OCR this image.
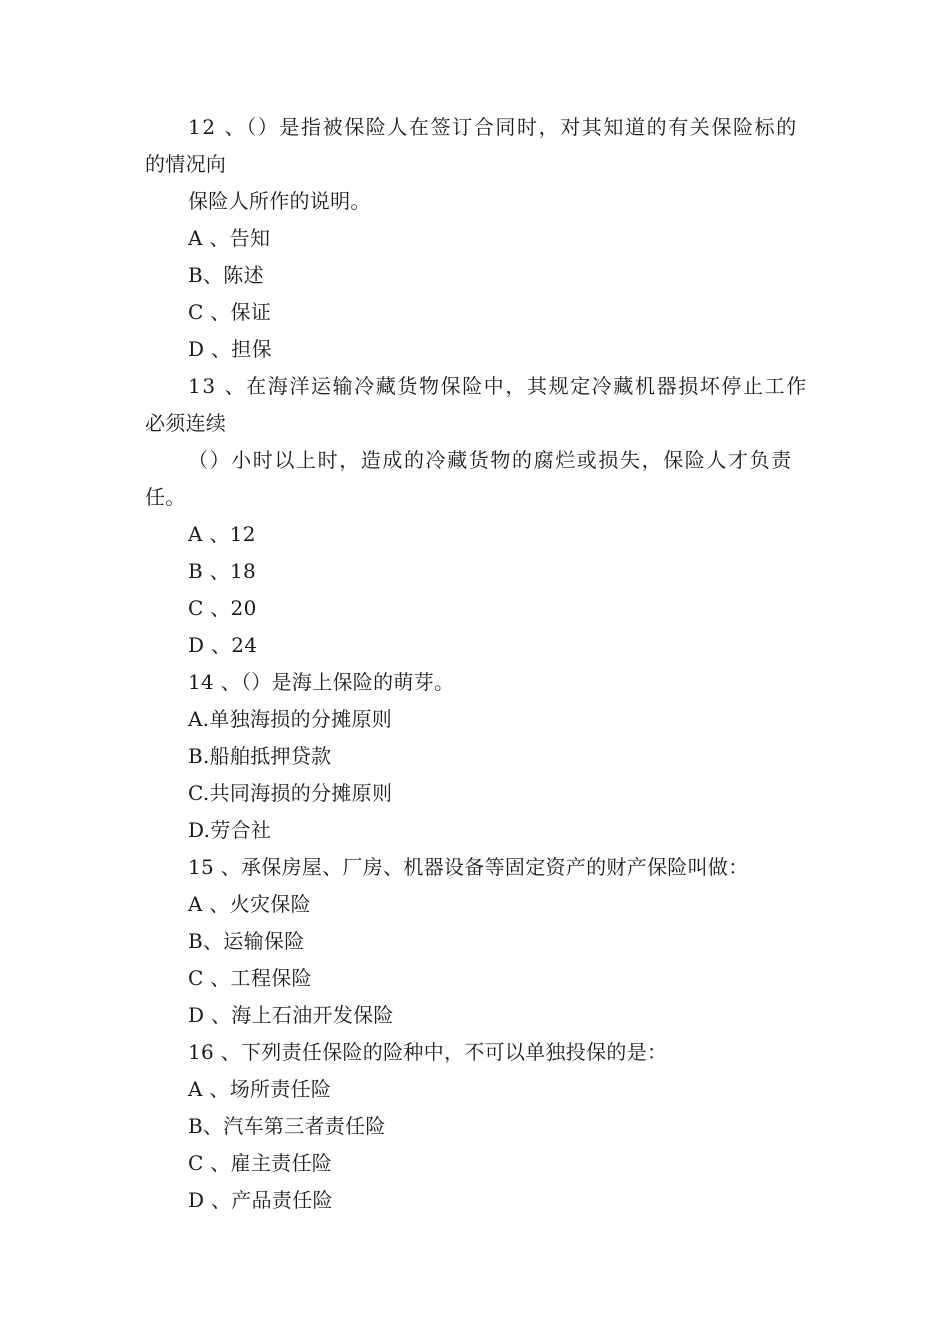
12 、（）是指被保险人在签订合同时，对其知道的有关保险标的
的情况向
保险人所作的说明。
A 、告知
B、陈述
C 、保证
D 、担保
13 、在海洋运输冷藏货物保险中，其规定冷藏机器损坏停止工作
必须连续
（）小时以上时，造成的冷藏货物的腐烂或损失，保险人才负责
任。
A 、12
B 、18
C 、20
D 、24
14 、（）是海上保险的萌芽。
A.单独海损的分摊原则
B.船舶抵押贷款
C.共同海损的分摊原则
D.劳合社
15 、承保房屋、厂房、机器设备等固定资产的财产保险叫做：
A 、火灾保险
B、运输保险
C 、工程保险
D 、海上石油开发保险
16 、下列责任保险的险种中，不可以单独投保的是：
A 、场所责任险
B、汽车第三者责任险
C 、雇主责任险
D 、产品责任险
